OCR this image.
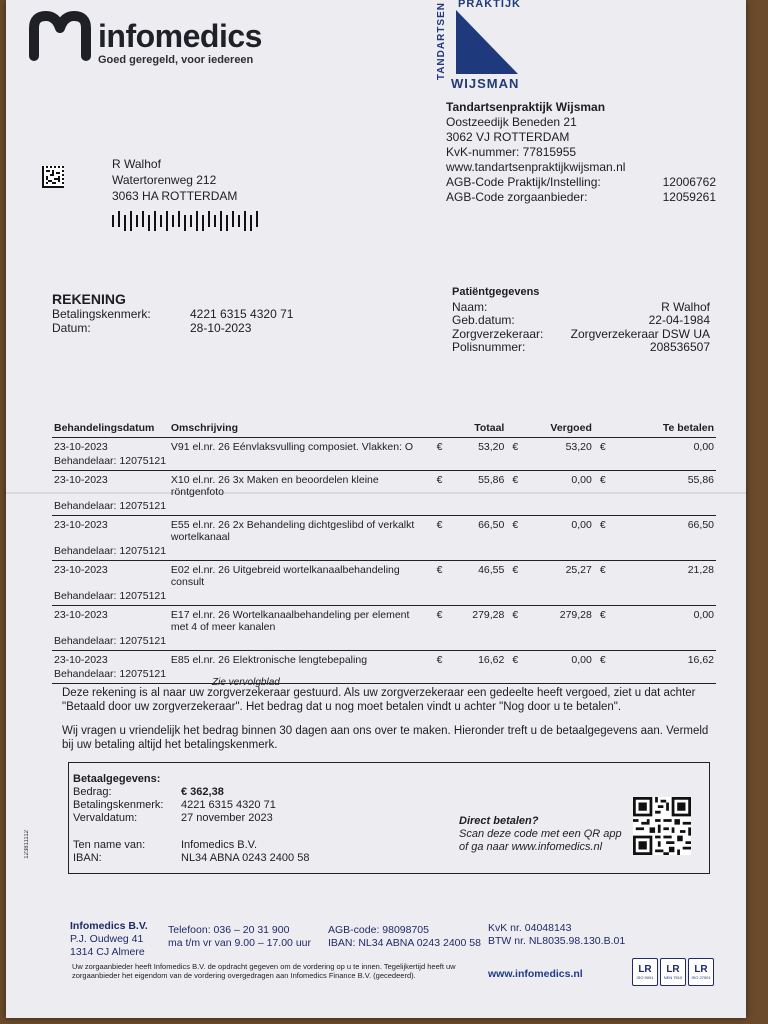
infomedics
Goed geregeld, voor iedereen	TANDARTSEN PRAKTIJK
WIJSMAN
Tandartsenpraktijk Wijsman
Oostzeedijk Beneden 21
3062 VJ ROTTERDAM
KvK-nummer: 77815955
www.tandartsenpraktijkwijsman.nl
AGB-Code Praktijk/Instelling:	12006762
AGB-Code zorgaanbieder:	12059261
R Walhof
Watertorenweg 212
3063 HA ROTTERDAM
REKENING
Betalingskenmerk:	4221 6315 4320 71
Datum:	28-10-2023
Patiëntgegevens
Naam:	R Walhof
Geb.datum:	22-04-1984
Zorgverzekeraar: Zorgverzekeraar DSW UA
Polisnummer:	208536507
Behandelingsdatum	Omschrijving		Totaal		Vergoed		Te betalen
23-10-2023	V91 el.nr. 26 Eénvlaksvulling composiet. Vlakken: O	€	53,20	€	53,20	€	0,00
Behandelaar: 12075121							
23-10-2023	X10 el.nr. 26 3x Maken en beoordelen kleine röntgenfoto	€	55,86	€	0,00	€	55,86
Behandelaar: 12075121							
23-10-2023	E55 el.nr. 26 2x Behandeling dichtgeslibd of verkalkt wortelkanaal	€	66,50	€	0,00	€	66,50
Behandelaar: 12075121							
23-10-2023	E02 el.nr. 26 Uitgebreid wortelkanaalbehandeling consult	€	46,55	€	25,27	€	21,28
Behandelaar: 12075121							
23-10-2023	E17 el.nr. 26 Wortelkanaalbehandeling per element met 4 of meer kanalen	€	279,28	€	279,28	€	0,00
Behandelaar: 12075121							
23-10-2023	E85 el.nr. 26 Elektronische lengtebepaling	€	16,62	€	0,00	€	16,62
Behandelaar: 12075121							
Zie vervolgblad

Deze rekening is al naar uw zorgverzekeraar gestuurd. Als uw zorgverzekeraar een gedeelte heeft vergoed, ziet u dat achter "Betaald door uw zorgverzekeraar". Het bedrag dat u nog moet betalen vindt u achter "Nog door u te betalen".

Wij vragen u vriendelijk het bedrag binnen 30 dagen aan ons over te maken. Hieronder treft u de betaalgegevens aan. Vermeld bij uw betaling altijd het betalingskenmerk.

Betaalgegevens:
Bedrag:	€ 362,38
Betalingskenmerk:	4221 6315 4320 71
Vervaldatum:	27 november 2023
Ten name van:	Infomedics B.V.
IBAN:	NL34 ABNA 0243 2400 58
Direct betalen?
Scan deze code met een QR app
of ga naar www.infomedics.nl
Infomedics B.V.
P.J. Oudweg 41
1314 CJ Almere
Telefoon: 036 – 20 31 900
ma t/m vr van 9.00 – 17.00 uur
AGB-code: 98098705
IBAN: NL34 ABNA 0243 2400 58
KvK nr. 04048143
BTW nr. NL8035.98.130.B.01
Uw zorgaanbieder heeft Infomedics B.V. de opdracht gegeven om de vordering op u te innen. Tegelijkertijd heeft uw zorgaanbieder het eigendom van de vordering overgedragen aan Infomedics Finance B.V. (gecedeerd).	www.infomedics.nl	LR
ISO 9001
LR
NEN 7510
LR
ISO 27001
123811112
